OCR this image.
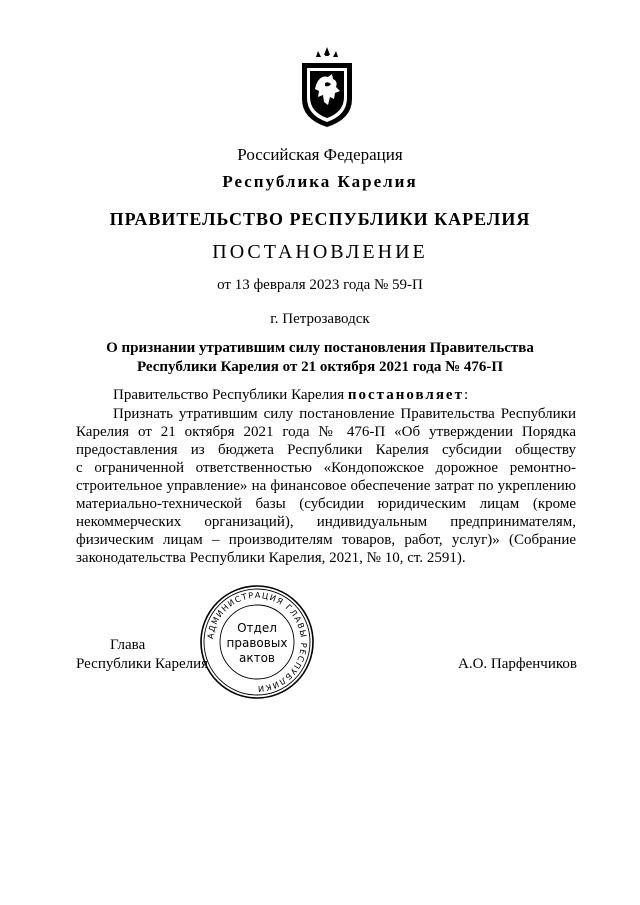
Российская Федерация
Республика Карелия
ПРАВИТЕЛЬСТВО РЕСПУБЛИКИ КАРЕЛИЯ
ПОСТАНОВЛЕНИЕ
от 13 февраля 2023 года № 59-П
г. Петрозаводск
О признании утратившим силу постановления Правительства
Республики Карелия от 21 октября 2021 года № 476-П
Правительство Республики Карелия постановляет:
Признать утратившим силу постановление Правительства Республики
Карелия от 21 октября 2021 года № 476-П «Об утверждении Порядка
предоставления из бюджета Республики Карелия субсидии обществу
с ограниченной ответственностью «Кондопожское дорожное ремонтно-
строительное управление» на финансовое обеспечение затрат по укреплению
материально-технической базы (субсидии юридическим лицам (кроме
некоммерческих организаций), индивидуальным предпринимателям,
физическим лицам – производителям товаров, работ, услуг)» (Собрание
законодательства Республики Карелия, 2021, № 10, ст. 2591).
АДМИНИСТРАЦИЯ ГЛАВЫ РЕСПУБЛИКИ
Отдел
правовых
актов
Глава
Республики Карелия	А.О. Парфенчиков
